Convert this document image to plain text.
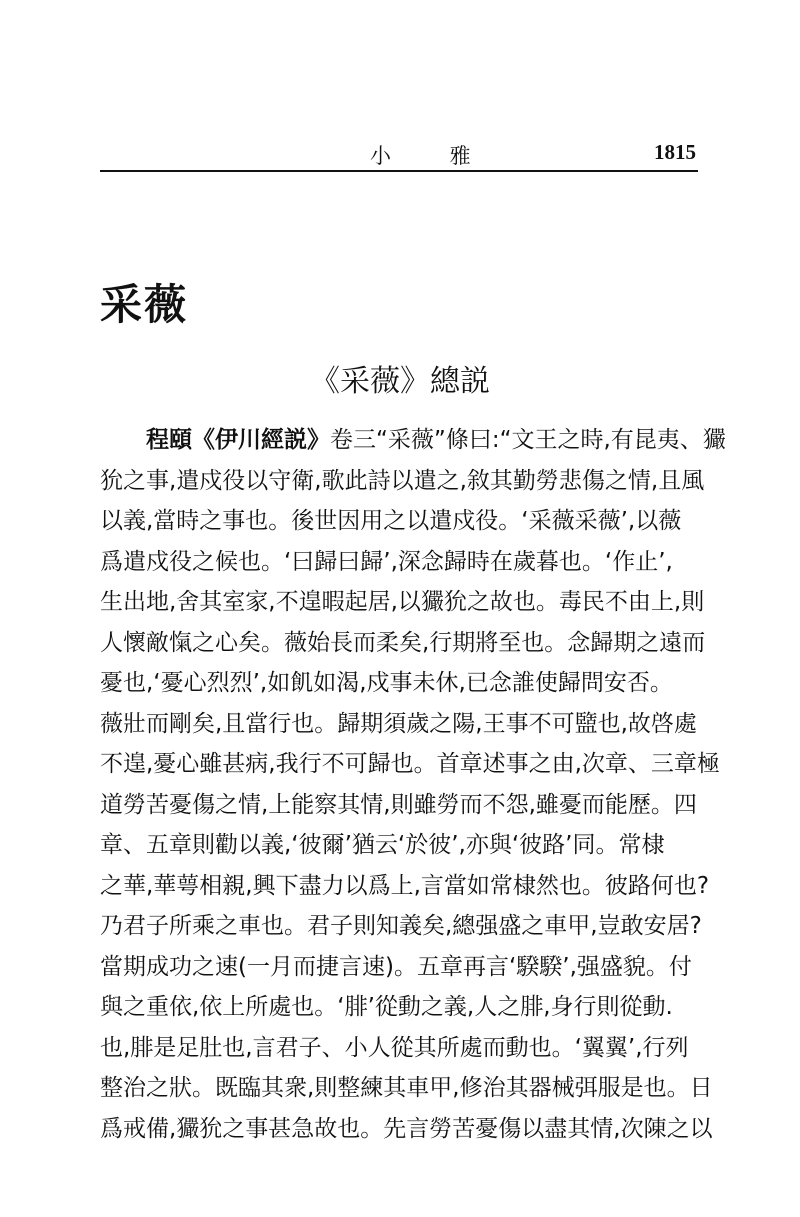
小 雅	1815
采薇
《采薇》總説
程頤《伊川經説》卷三“采薇”條曰:“文王之時,有昆夷、玁
狁之事,遣戍役以守衛,歌此詩以遣之,敘其勤勞悲傷之情,且風
以義,當時之事也。後世因用之以遣戍役。‘采薇采薇’,以薇
爲遣戍役之候也。‘曰歸曰歸’,深念歸時在歲暮也。‘作止’,
生出地,舍其室家,不遑暇起居,以玁狁之故也。毒民不由上,則
人懷敵愾之心矣。薇始長而柔矣,行期將至也。念歸期之遠而
憂也,‘憂心烈烈’,如飢如渴,戍事未休,已念誰使歸問安否。
薇壯而剛矣,且當行也。歸期須歲之陽,王事不可盬也,故啓處
不遑,憂心雖甚病,我行不可歸也。首章述事之由,次章、三章極
道勞苦憂傷之情,上能察其情,則雖勞而不怨,雖憂而能歷。四
章、五章則勸以義,‘彼爾’猶云‘於彼’,亦與‘彼路’同。常棣
之華,華萼相親,興下盡力以爲上,言當如常棣然也。彼路何也?
乃君子所乘之車也。君子則知義矣,總强盛之車甲,豈敢安居?
當期成功之速(一月而捷言速)。五章再言‘騤騤’,强盛貌。付
與之重依,依上所處也。‘腓’從動之義,人之腓,身行則從動.
也,腓是足肚也,言君子、小人從其所處而動也。‘翼翼’,行列
整治之狀。既臨其衆,則整練其車甲,修治其器械弭服是也。日
爲戒備,玁狁之事甚急故也。先言勞苦憂傷以盡其情,次陳之以
